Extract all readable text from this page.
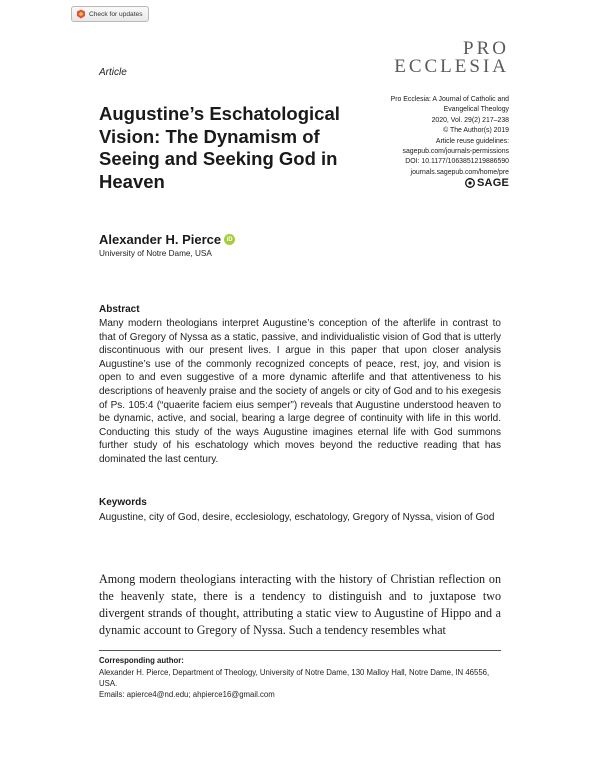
Check for updates
Article
PRO
ECCLESIA
Augustine’s Eschatological Vision: The Dynamism of Seeing and Seeking God in Heaven
Pro Ecclesia: A Journal of Catholic and
Evangelical Theology
2020, Vol. 29(2) 217–238
© The Author(s) 2019
Article reuse guidelines:
sagepub.com/journals-permissions
DOI: 10.1177/1063851219886590
journals.sagepub.com/home/pre
SAGE
Alexander H. Pierce iD
University of Notre Dame, USA
Abstract
Many modern theologians interpret Augustine’s conception of the afterlife in contrast to that of Gregory of Nyssa as a static, passive, and individualistic vision of God that is utterly discontinuous with our present lives. I argue in this paper that upon closer analysis Augustine’s use of the commonly recognized concepts of peace, rest, joy, and vision is open to and even suggestive of a more dynamic afterlife and that attentiveness to his descriptions of heavenly praise and the society of angels or city of God and to his exegesis of Ps. 105:4 (“quaerite faciem eius semper”) reveals that Augustine understood heaven to be dynamic, active, and social, bearing a large degree of continuity with life in this world. Conducting this study of the ways Augustine imagines eternal life with God summons further study of his eschatology which moves beyond the reductive reading that has dominated the last century.
Keywords
Augustine, city of God, desire, ecclesiology, eschatology, Gregory of Nyssa, vision of God
Among modern theologians interacting with the history of Christian reflection on the heavenly state, there is a tendency to distinguish and to juxtapose two divergent strands of thought, attributing a static view to Augustine of Hippo and a dynamic account to Gregory of Nyssa. Such a tendency resembles what
Corresponding author:
Alexander H. Pierce, Department of Theology, University of Notre Dame, 130 Malloy Hall, Notre Dame, IN 46556, USA.
Emails: apierce4@nd.edu; ahpierce16@gmail.com
